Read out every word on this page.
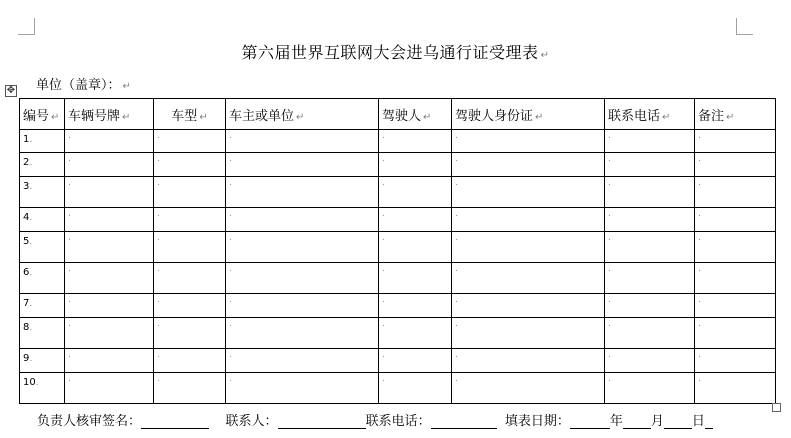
第六届世界互联网大会进乌通行证受理表 ↵
单位（盖章）： ↵
✥
编号 ↵	车辆号牌 ↵	车型 ↵	车主或单位 ↵	驾驶人 ↵	驾驶人身份证 ↵	联系电话 ↵	备注 ↵
1.	.	.	.	.	.	.	.
2.	.	.	.	.	.	.	.
3.	.	.	.	.	.	.	.
4.	.	.	.	.	.	.	.
5.	.	.	.	.	.	.	.
6.	.	.	.	.	.	.	.
7.	.	.	.	.	.	.	.
8.	.	.	.	.	.	.	.
9.	.	.	.	.	.	.	.
10.	.	.	.	.	.	.	.
负责人核审签名：	联系人：	联系电话：	填表日期：	年 月 日
